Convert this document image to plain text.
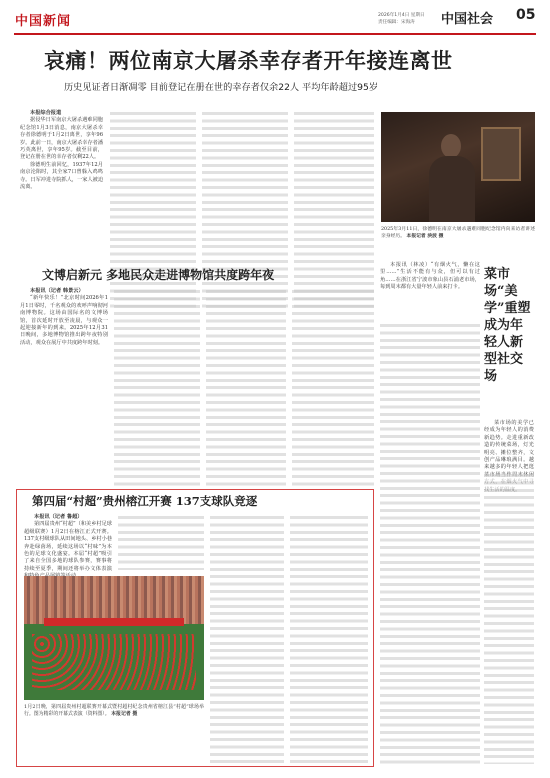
中国新闻	2026年1月4日 星期日
责任编辑：宋海涛 中国社会 05
哀痛！两位南京大屠杀幸存者开年接连离世
历史见证者日渐凋零 目前登记在册在世的幸存者仅余22人 平均年龄超过95岁

本报综合报道

据侵华日军南京大屠杀遇难同胞纪念馆1月3日消息，南京大屠杀幸存者徐德明于1月2日离世，享年96岁。此前一日，南京大屠杀幸存者潘巧英离世，享年95岁。截至目前，登记在册在世的幸存者仅剩22人。

徐德明生前回忆，1937年12月南京沦陷时，其全家7口曾躲入鸡鸣寺。日军冲进寺院抓人，一家人被迫流离。

2025年3月11日，徐德明在南京大屠杀遇难同胞纪念馆内向来访者讲述亲身经历。 本报记者 泱波 摄

本报讯（林凌）“有烟火气，懒在这里……”生活不能有与众，但可以有过角……在浙江省宁波市象山县石浦老市场，每到周末都有大量年轻人前来打卡。

菜市场“美学”重塑 成为年轻人新型社交场
文博启新元 多地民众走进博物馆共度跨年夜

本报讯（记者 韩景云）

“新年快乐！”北京时间2026年1月1日零时，千名观众的欢呼声响彻河南博物院。这场由国际名的文博场馆，首次延时开放至凌晨，与观众一起迎接新年的到来。2025年12月31日晚间，多地博物馆推出跨年夜特别活动，观众在展厅中共度跨年时刻。

第四届“村超”贵州榕江开赛 137支球队竞逐

本报讯（记者 鲁超）

第四届贵州“村超”（和美乡村足球超级联赛）1月2日在榕江正式开赛。137支村级球队从田间地头、乡村小巷奔赴绿茵场，延续这场以“村味”为本色的足球文化盛宴。本届“村超”吸引了来自全国多地的球队参赛，赛事将持续至夏季，期间还将举办文体表演

1月2日晚，第四届贵州村超联赛开幕式暨村超村纪念贵州省榕江县“村超”球场举行。图为精彩的开幕式表演（资料图）。 本报记者 摄

菜市场的美学已经成为年轻人的消费新趋势。走进重新改造的传统菜场，灯光明亮、摊位整齐，文创产品琳琅满目。越来越多的年轻人把逛
